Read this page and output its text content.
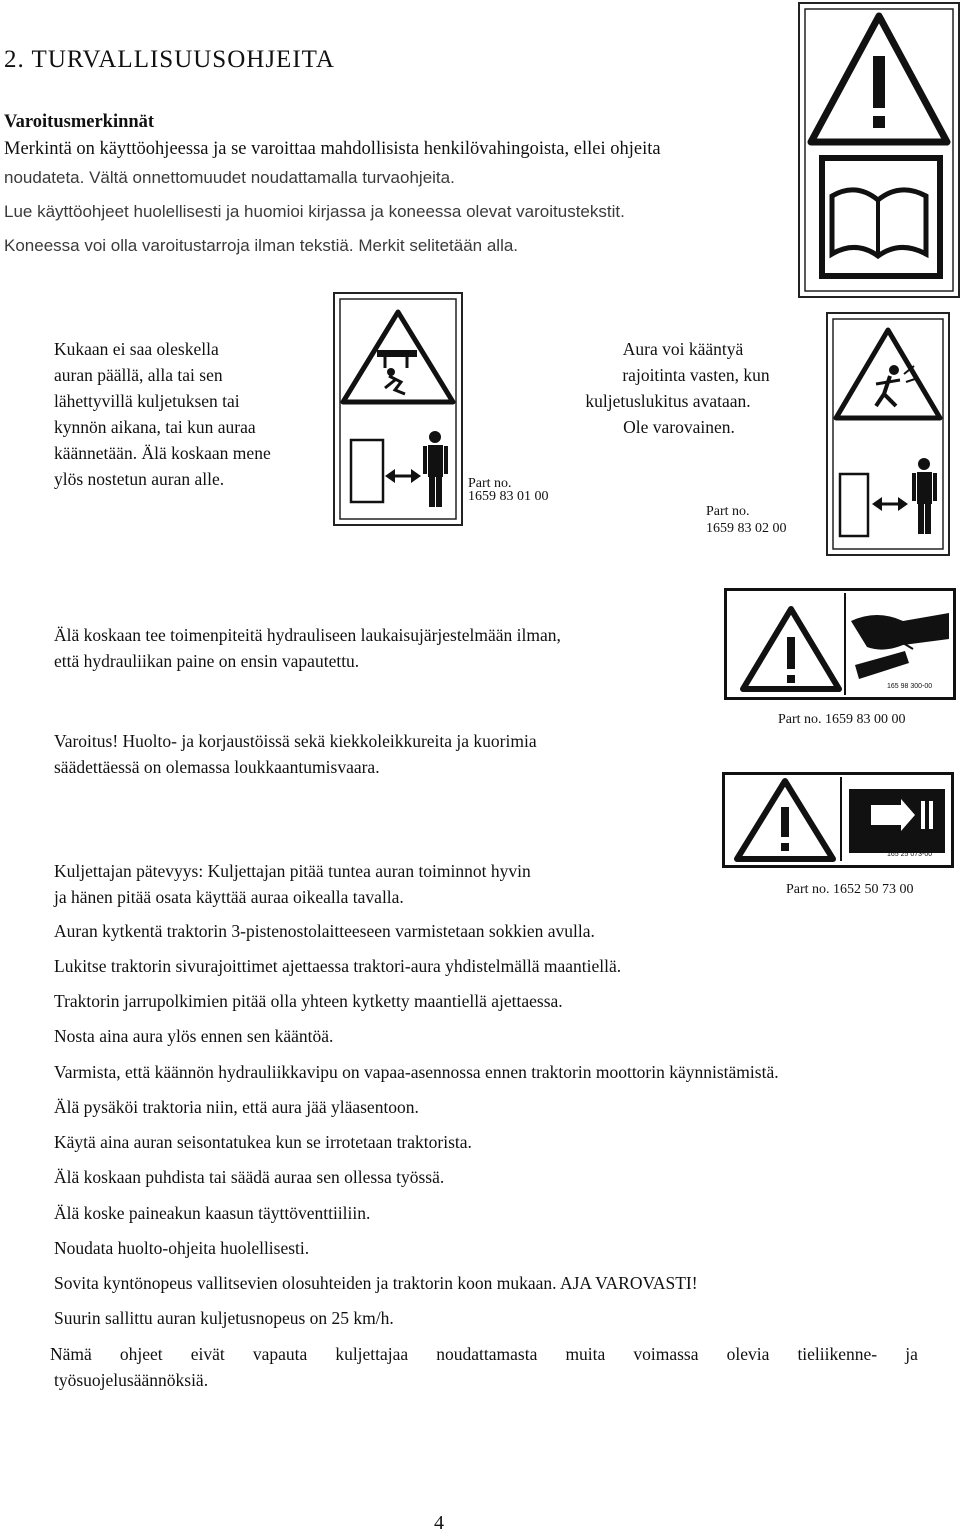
2. TURVALLISUUSOHJEITA
Varoitusmerkinnät
Merkintä on käyttöohjeessa ja se varoittaa mahdollisista henkilövahingoista, ellei ohjeita
noudateta. Vältä onnettomuudet noudattamalla turvaohjeita.
Lue käyttöohjeet huolellisesti ja huomioi kirjassa ja koneessa olevat varoitustekstit.
Koneessa voi olla varoitustarroja ilman tekstiä. Merkit selitetään alla.
Kukaan ei saa oleskella
auran päällä, alla tai sen
lähettyvillä kuljetuksen tai
kynnön aikana, tai kun auraa
käännetään. Älä koskaan mene
ylös nostetun auran alle.	Part no.
1659 83 01 00
Aura voi kääntyä
rajoitinta vasten, kun
kuljetuslukitus avataan.
Ole varovainen.
Part no.
1659 83 02 00
Älä koskaan tee toimenpiteitä hydrauliseen laukaisujärjestelmään ilman,
että hydrauliikan paine on ensin vapautettu.
165 98 300-00
Part no. 1659 83 00 00
Varoitus! Huolto- ja korjaustöissä sekä kiekkoleikkureita ja kuorimia
säädettäessä on olemassa loukkaantumisvaara.
165 25 073-00
Kuljettajan pätevyys: Kuljettajan pitää tuntea auran toiminnot hyvin
ja hänen pitää osata käyttää auraa oikealla tavalla.	Part no. 1652 50 73 00
Auran kytkentä traktorin 3-pistenostolaitteeseen varmistetaan sokkien avulla.
Lukitse traktorin sivurajoittimet ajettaessa traktori-aura yhdistelmällä maantiellä.
Traktorin jarrupolkimien pitää olla yhteen kytketty maantiellä ajettaessa.
Nosta aina aura ylös ennen sen kääntöä.
Varmista, että käännön hydrauliikkavipu on vapaa-asennossa ennen traktorin moottorin käynnistämistä.
Älä pysäköi traktoria niin, että aura jää yläasentoon.
Käytä aina auran seisontatukea kun se irrotetaan traktorista.
Älä koskaan puhdista tai säädä auraa sen ollessa työssä.
Älä koske paineakun kaasun täyttöventtiiliin.
Noudata huolto-ohjeita huolellisesti.
Sovita kyntönopeus vallitsevien olosuhteiden ja traktorin koon mukaan. AJA VAROVASTI!
Suurin sallittu auran kuljetusnopeus on 25 km/h.
Nämä ohjeet eivät vapauta kuljettajaa noudattamasta muita voimassa olevia tieliikenne- ja
työsuojelusäännöksiä.
4
